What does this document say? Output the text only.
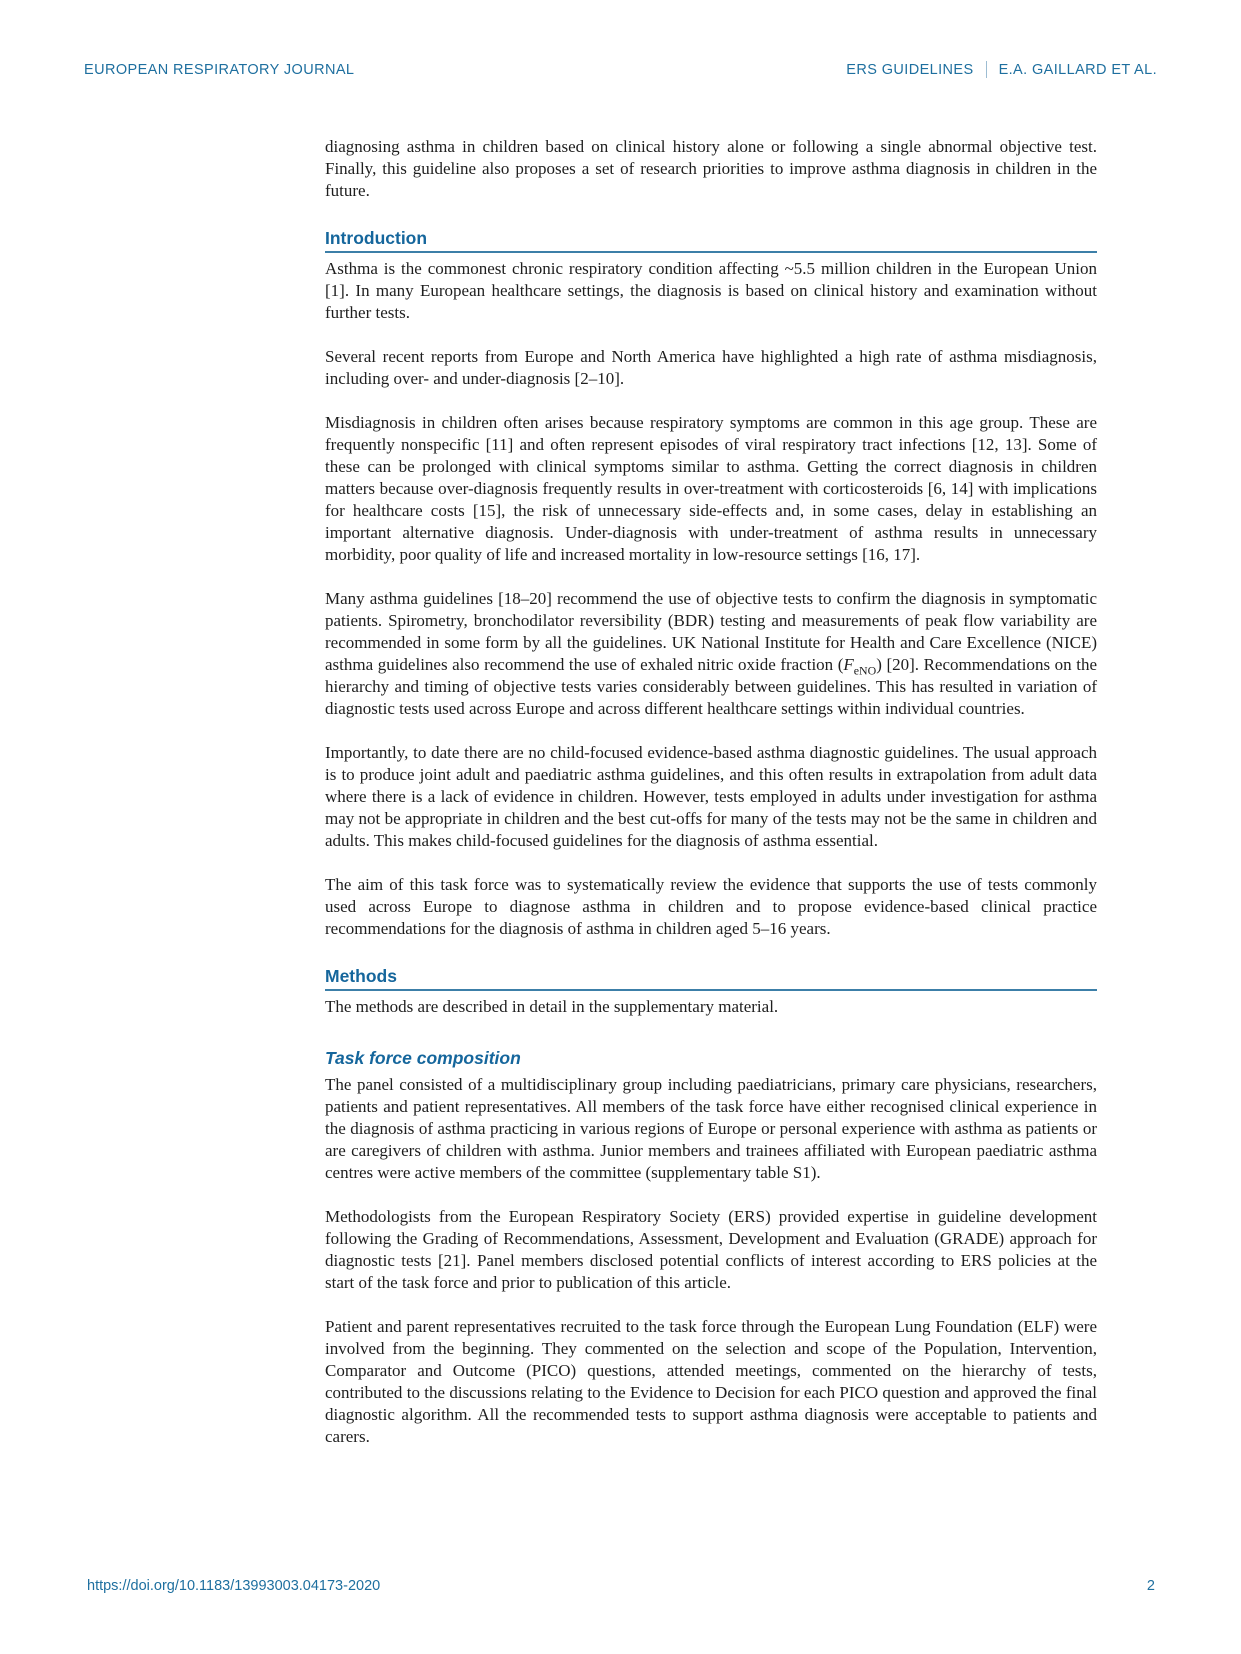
EUROPEAN RESPIRATORY JOURNAL	ERS GUIDELINES E.A. GAILLARD ET AL.

diagnosing asthma in children based on clinical history alone or following a single abnormal objective test. Finally, this guideline also proposes a set of research priorities to improve asthma diagnosis in children in the future.

Introduction

Asthma is the commonest chronic respiratory condition affecting ~5.5 million children in the European Union [1]. In many European healthcare settings, the diagnosis is based on clinical history and examination without further tests.

Several recent reports from Europe and North America have highlighted a high rate of asthma misdiagnosis, including over- and under-diagnosis [2–10].

Misdiagnosis in children often arises because respiratory symptoms are common in this age group. These are frequently nonspecific [11] and often represent episodes of viral respiratory tract infections [12, 13]. Some of these can be prolonged with clinical symptoms similar to asthma. Getting the correct diagnosis in children matters because over-diagnosis frequently results in over-treatment with corticosteroids [6, 14] with implications for healthcare costs [15], the risk of unnecessary side-effects and, in some cases, delay in establishing an important alternative diagnosis. Under-diagnosis with under-treatment of asthma results in unnecessary morbidity, poor quality of life and increased mortality in low-resource settings [16, 17].

Many asthma guidelines [18–20] recommend the use of objective tests to confirm the diagnosis in symptomatic patients. Spirometry, bronchodilator reversibility (BDR) testing and measurements of peak flow variability are recommended in some form by all the guidelines. UK National Institute for Health and Care Excellence (NICE) asthma guidelines also recommend the use of exhaled nitric oxide fraction $(F_{eNO})$ [20]. Recommendations on the hierarchy and timing of objective tests varies considerably between guidelines. This has resulted in variation of diagnostic tests used across Europe and across different healthcare settings within individual countries.

Importantly, to date there are no child-focused evidence-based asthma diagnostic guidelines. The usual approach is to produce joint adult and paediatric asthma guidelines, and this often results in extrapolation from adult data where there is a lack of evidence in children. However, tests employed in adults under investigation for asthma may not be appropriate in children and the best cut-offs for many of the tests may not be the same in children and adults. This makes child-focused guidelines for the diagnosis of asthma essential.

The aim of this task force was to systematically review the evidence that supports the use of tests commonly used across Europe to diagnose asthma in children and to propose evidence-based clinical practice recommendations for the diagnosis of asthma in children aged 5–16 years.

Methods

The methods are described in detail in the supplementary material.

Task force composition

The panel consisted of a multidisciplinary group including paediatricians, primary care physicians, researchers, patients and patient representatives. All members of the task force have either recognised clinical experience in the diagnosis of asthma practicing in various regions of Europe or personal experience with asthma as patients or are caregivers of children with asthma. Junior members and trainees affiliated with European paediatric asthma centres were active members of the committee (supplementary table S1).

Methodologists from the European Respiratory Society (ERS) provided expertise in guideline development following the Grading of Recommendations, Assessment, Development and Evaluation (GRADE) approach for diagnostic tests [21]. Panel members disclosed potential conflicts of interest according to ERS policies at the start of the task force and prior to publication of this article.

Patient and parent representatives recruited to the task force through the European Lung Foundation (ELF) were involved from the beginning. They commented on the selection and scope of the Population, Intervention, Comparator and Outcome (PICO) questions, attended meetings, commented on the hierarchy of tests, contributed to the discussions relating to the Evidence to Decision for each PICO question and approved the final diagnostic algorithm. All the recommended tests to support asthma diagnosis were acceptable to patients and carers.

https://doi.org/10.1183/13993003.04173-2020	2
